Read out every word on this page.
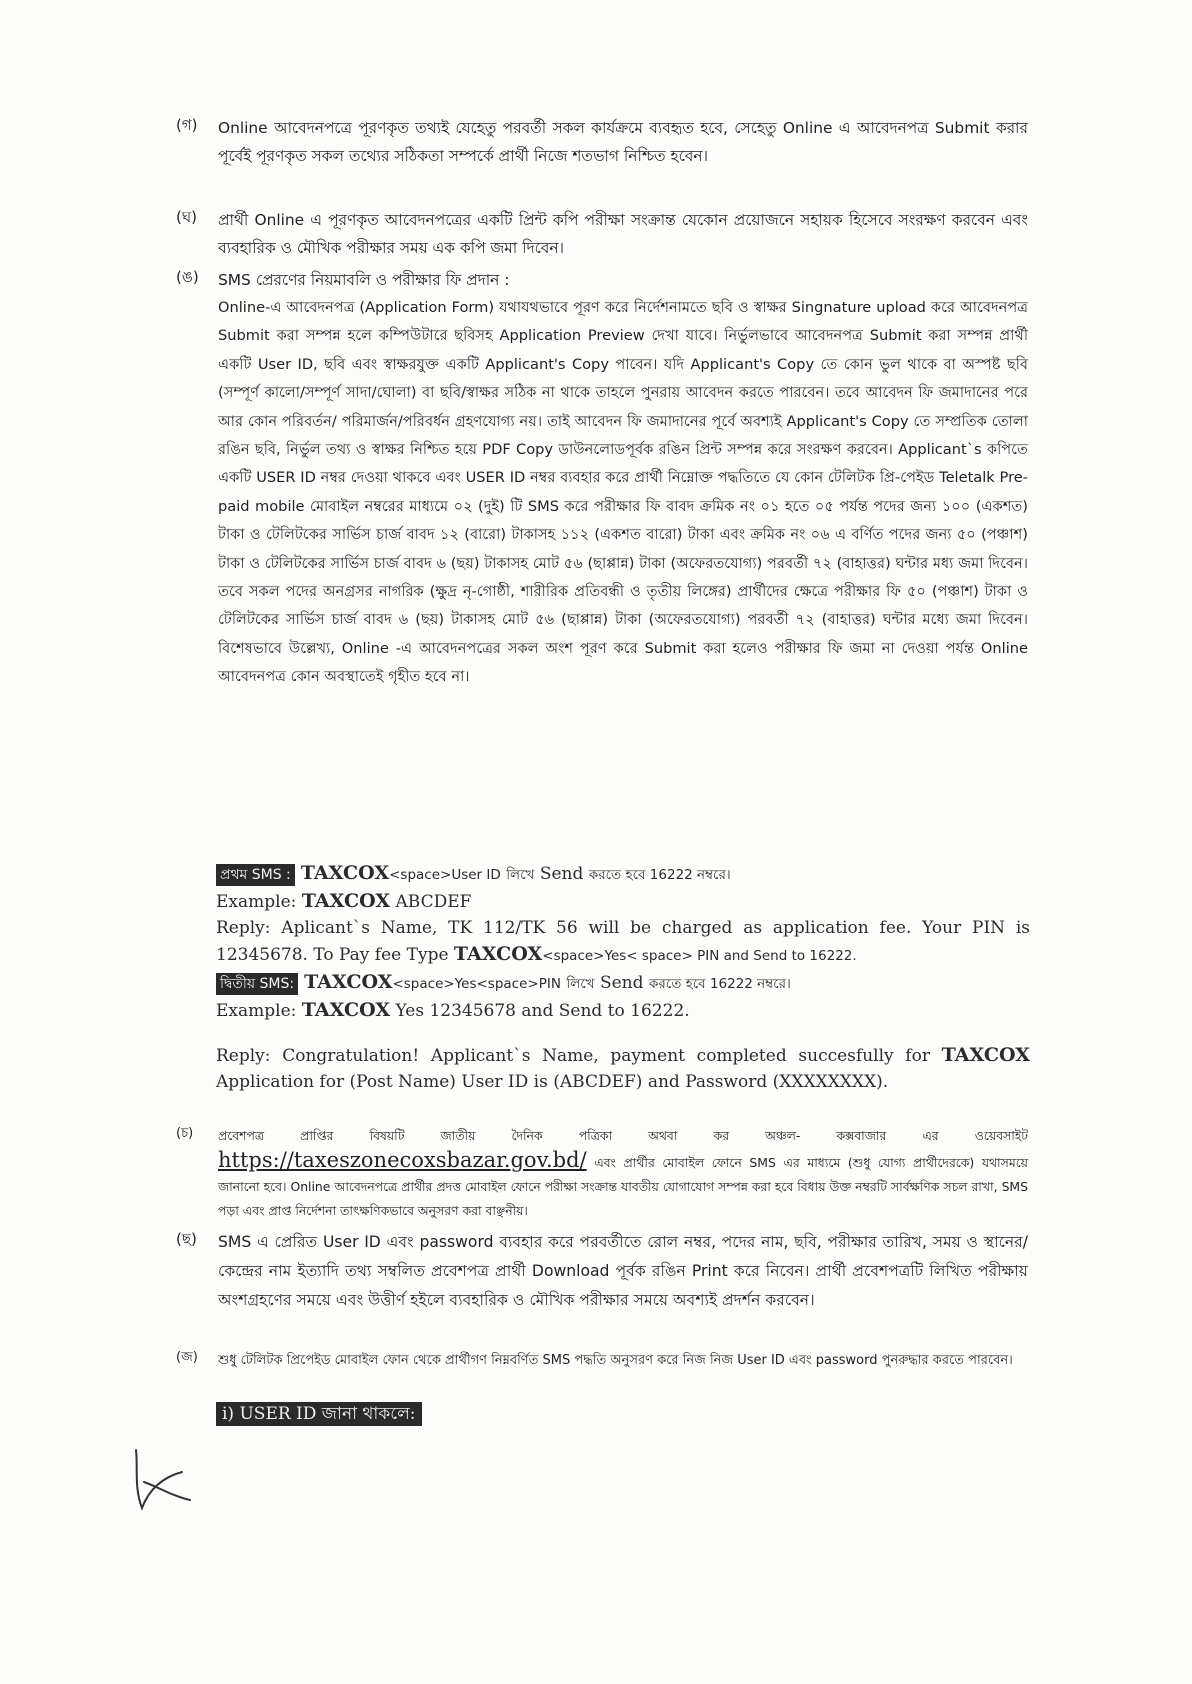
(গ) Online আবেদনপত্রে পূরণকৃত তথ্যই যেহেতু পরবর্তী সকল কার্যক্রমে ব্যবহৃত হবে, সেহেতু Online এ আবেদনপত্র Submit করার পূর্বেই পূরণকৃত সকল তথ্যের সঠিকতা সম্পর্কে প্রার্থী নিজে শতভাগ নিশ্চিত হবেন।
(ঘ) প্রার্থী Online এ পূরণকৃত আবেদনপত্রের একটি প্রিন্ট কপি পরীক্ষা সংক্রান্ত যেকোন প্রয়োজনে সহায়ক হিসেবে সংরক্ষণ করবেন এবং ব্যবহারিক ও মৌখিক পরীক্ষার সময় এক কপি জমা দিবেন।
(ঙ) SMS প্রেরণের নিয়মাবলি ও পরীক্ষার ফি প্রদান :
Online-এ আবেদনপত্র (Application Form) যথাযথভাবে পূরণ করে নির্দেশনামতে ছবি ও স্বাক্ষর Singnature upload করে আবেদনপত্র Submit করা সম্পন্ন হলে কম্পিউটারে ছবিসহ Application Preview দেখা যাবে। নির্ভুলভাবে আবেদনপত্র Submit করা সম্পন্ন প্রার্থী একটি User ID, ছবি এবং স্বাক্ষরযুক্ত একটি Applicant's Copy পাবেন। যদি Applicant's Copy তে কোন ভুল থাকে বা অস্পষ্ট ছবি (সম্পূর্ণ কালো/সম্পূর্ণ সাদা/ঘোলা) বা ছবি/স্বাক্ষর সঠিক না থাকে তাহলে পুনরায় আবেদন করতে পারবেন। তবে আবেদন ফি জমাদানের পরে আর কোন পরিবর্তন/ পরিমার্জন/পরিবর্ধন গ্রহণযোগ্য নয়। তাই আবেদন ফি জমাদানের পূর্বে অবশ্যই Applicant's Copy তে সম্প্রতিক তোলা রঙিন ছবি, নির্ভুল তথ্য ও স্বাক্ষর নিশ্চিত হয়ে PDF Copy ডাউনলোডপূর্বক রঙিন প্রিন্ট সম্পন্ন করে সংরক্ষণ করবেন। Applicant`s কপিতে একটি USER ID নম্বর দেওয়া থাকবে এবং USER ID নম্বর ব্যবহার করে প্রার্থী নিম্নোক্ত পদ্ধতিতে যে কোন টেলিটক প্রি-পেইড Teletalk Pre-paid mobile মোবাইল নম্বরের মাধ্যমে ০২ (দুই) টি SMS করে পরীক্ষার ফি বাবদ ক্রমিক নং ০১ হতে ০৫ পর্যন্ত পদের জন্য ১০০ (একশত) টাকা ও টেলিটকের সার্ভিস চার্জ বাবদ ১২ (বারো) টাকাসহ ১১২ (একশত বারো) টাকা এবং ক্রমিক নং ০৬ এ বর্ণিত পদের জন্য ৫০ (পঞ্চাশ) টাকা ও টেলিটকের সার্ভিস চার্জ বাবদ ৬ (ছয়) টাকাসহ মোট ৫৬ (ছাপ্পান্ন) টাকা (অফেরতযোগ্য) পরবর্তী ৭২ (বাহাত্তর) ঘন্টার মধ্য জমা দিবেন। তবে সকল পদের অনগ্রসর নাগরিক (ক্ষুদ্র নৃ-গোষ্ঠী, শারীরিক প্রতিবন্ধী ও তৃতীয় লিঙ্গের) প্রার্থীদের ক্ষেত্রে পরীক্ষার ফি ৫০ (পঞ্চাশ) টাকা ও টেলিটকের সার্ভিস চার্জ বাবদ ৬ (ছয়) টাকাসহ মোট ৫৬ (ছাপ্পান্ন) টাকা (অফেরতযোগ্য) পরবর্তী ৭২ (বাহাত্তর) ঘন্টার মধ্যে জমা দিবেন। বিশেষভাবে উল্লেখ্য, Online -এ আবেদনপত্রের সকল অংশ পূরণ করে Submit করা হলেও পরীক্ষার ফি জমা না দেওয়া পর্যন্ত Online আবেদনপত্র কোন অবস্থাতেই গৃহীত হবে না।
প্রথম SMS : TAXCOX<space>User ID লিখে Send করতে হবে 16222 নম্বরে।
Example: TAXCOX ABCDEF
Reply: Aplicant`s Name, TK 112/TK 56 will be charged as application fee. Your PIN is 12345678. To Pay fee Type TAXCOX<space>Yes< space> PIN and Send to 16222.
দ্বিতীয় SMS: TAXCOX<space>Yes<space>PIN লিখে Send করতে হবে 16222 নম্বরে।
Example: TAXCOX Yes 12345678 and Send to 16222.
Reply: Congratulation! Applicant`s Name, payment completed succesfully for TAXCOX Application for (Post Name) User ID is (ABCDEF) and Password (XXXXXXXX).
(চ) প্রবেশপত্র প্রাপ্তির বিষয়টি জাতীয় দৈনিক পত্রিকা অথবা কর অঞ্চল- কক্সবাজার এর ওয়েবসাইট https://taxeszonecoxsbazar.gov.bd/ এবং প্রার্থীর মোবাইল ফোনে SMS এর মাধ্যমে (শুধু যোগ্য প্রার্থীদেরকে) যথাসময়ে জানানো হবে। Online আবেদনপত্রে প্রার্থীর প্রদত্ত মোবাইল ফোনে পরীক্ষা সংক্রান্ত যাবতীয় যোগাযোগ সম্পন্ন করা হবে বিধায় উক্ত নম্বরটি সার্বক্ষণিক সচল রাখা, SMS পড়া এবং প্রাপ্ত নির্দেশনা তাৎক্ষণিকভাবে অনুসরণ করা বাঞ্ছনীয়।
(ছ) SMS এ প্রেরিত User ID এবং password ব্যবহার করে পরবর্তীতে রোল নম্বর, পদের নাম, ছবি, পরীক্ষার তারিখ, সময় ও স্থানের/কেন্দ্রের নাম ইত্যাদি তথ্য সম্বলিত প্রবেশপত্র প্রার্থী Download পূর্বক রঙিন Print করে নিবেন। প্রার্থী প্রবেশপত্রটি লিখিত পরীক্ষায় অংশগ্রহণের সময়ে এবং উত্তীর্ণ হইলে ব্যবহারিক ও মৌখিক পরীক্ষার সময়ে অবশ্যই প্রদর্শন করবেন।
(জ) শুধু টেলিটক প্রিপেইড মোবাইল ফোন থেকে প্রার্থীগণ নিম্নবর্ণিত SMS পদ্ধতি অনুসরণ করে নিজ নিজ User ID এবং password পুনরুদ্ধার করতে পারবেন।
i) USER ID জানা থাকলে:
